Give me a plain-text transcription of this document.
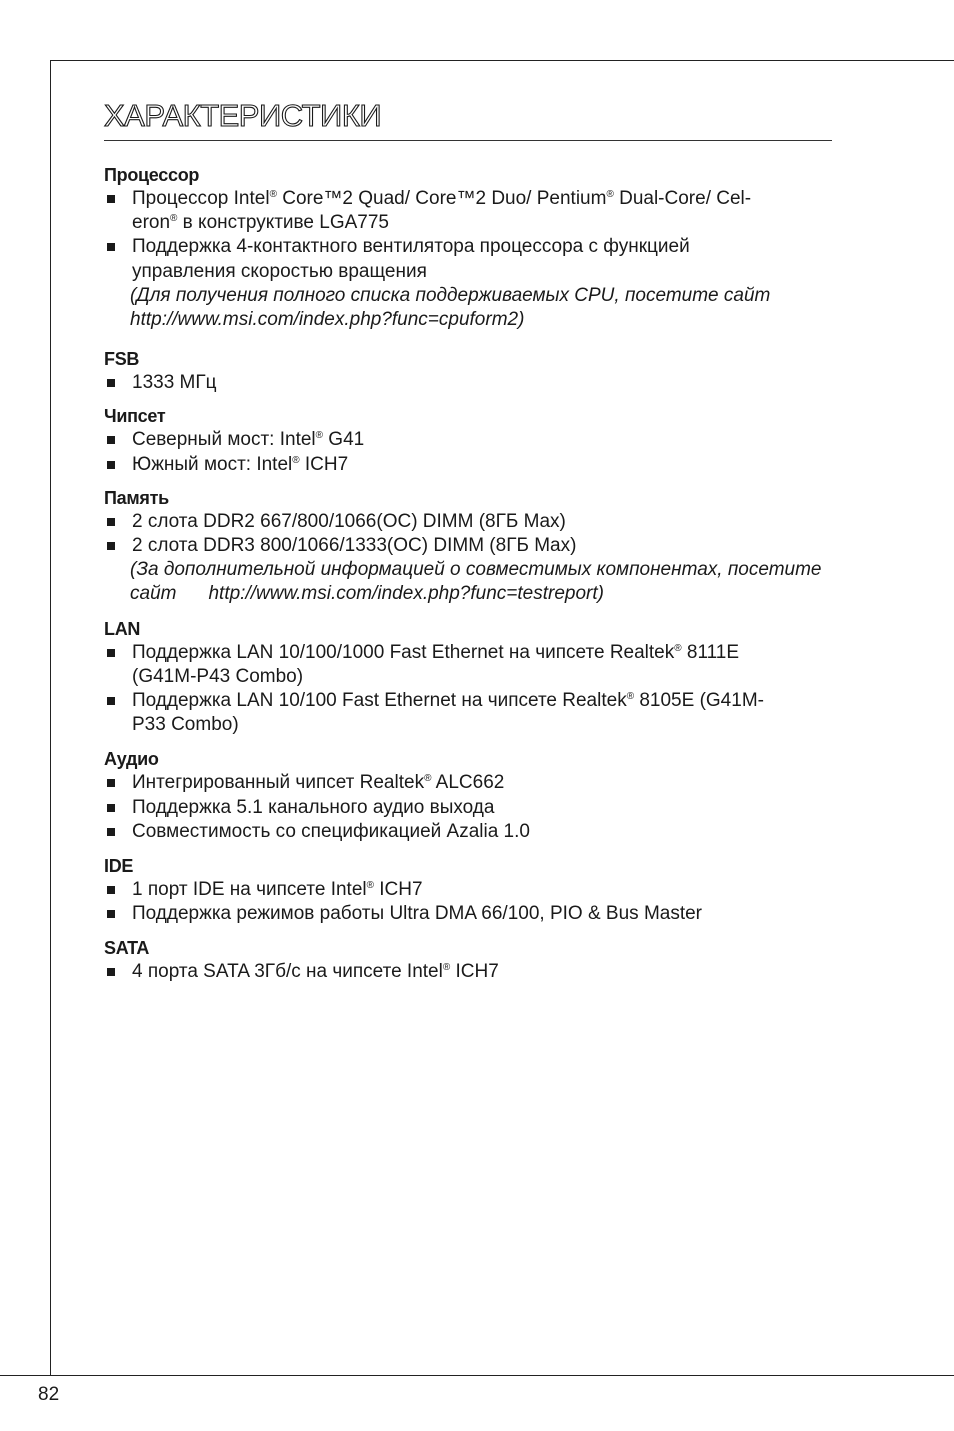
82
ХАРАКТЕРИСТИКИ
Процессор
Процессор Intel® Core™2 Quad/ Core™2 Duo/ Pentium® Dual-Core/ Cel-
eron® в конструктиве LGA775
Поддержка 4-контактного вентилятора процессора с функцией
управления скоростью вращения
(Для получения полного списка поддерживаемых CPU, посетите сайт
http://www.msi.com/index.php?func=cpuform2)
FSB
1333 МГц
Чипсет
Северный мост: Intel® G41
Южный мост: Intel® ICH7
Память
2 слота DDR2 667/800/1066(OC) DIMM (8ГБ Max)
2 слота DDR3 800/1066/1333(OC) DIMM (8ГБ Max)
(За дополнительной информацией о совместимых компонентах, посетите
сайт http://www.msi.com/index.php?func=testreport)
LAN
Поддержка LAN 10/100/1000 Fast Ethernet на чипсете Realtek® 8111E
(G41M-P43 Combo)
Поддержка LAN 10/100 Fast Ethernet на чипсете Realtek® 8105E (G41M-
P33 Combo)
Аудио
Интегрированный чипсет Realtek® ALC662
Поддержка 5.1 канального аудио выхода
Совместимость со спецификацией Azalia 1.0
IDE
1 порт IDE на чипсете Intel® ICH7
Поддержка режимов работы Ultra DMA 66/100, PIO & Bus Master
SATA
4 порта SATA 3Гб/с на чипсете Intel® ICH7
